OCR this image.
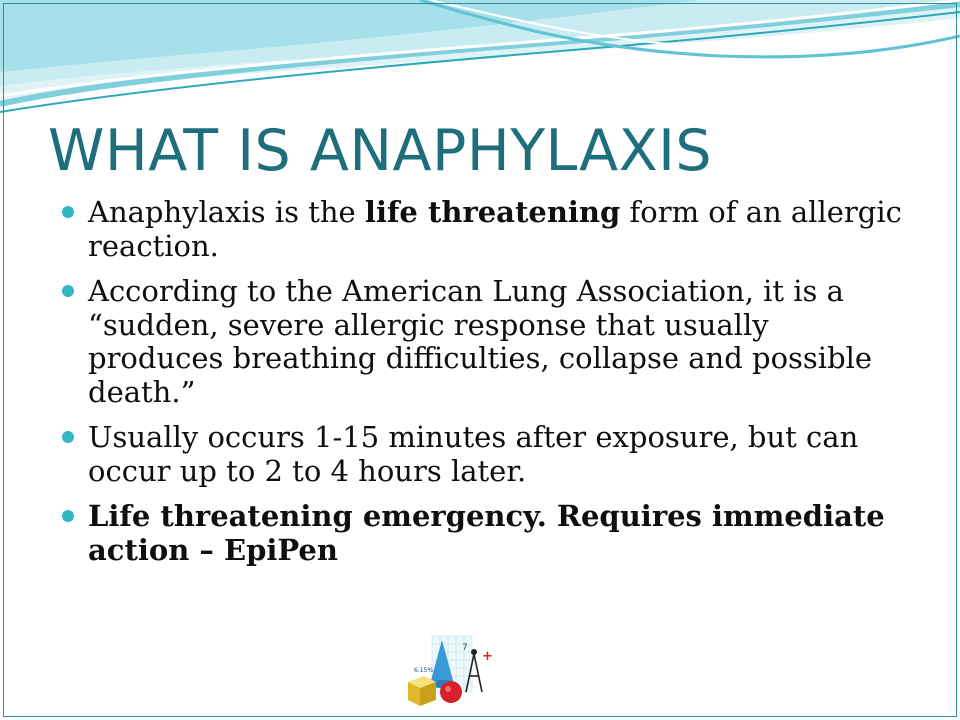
WHAT IS ANAPHYLAXIS
Anaphylaxis is the life threatening form of an allergic reaction.
According to the American Lung Association, it is a “sudden, severe allergic response that usually produces breathing difficulties, collapse and possible death.”
Usually occurs 1-15 minutes after exposure, but can occur up to 2 to 4 hours later.
Life threatening emergency. Requires immediate action – EpiPen
7
6.15%
+
